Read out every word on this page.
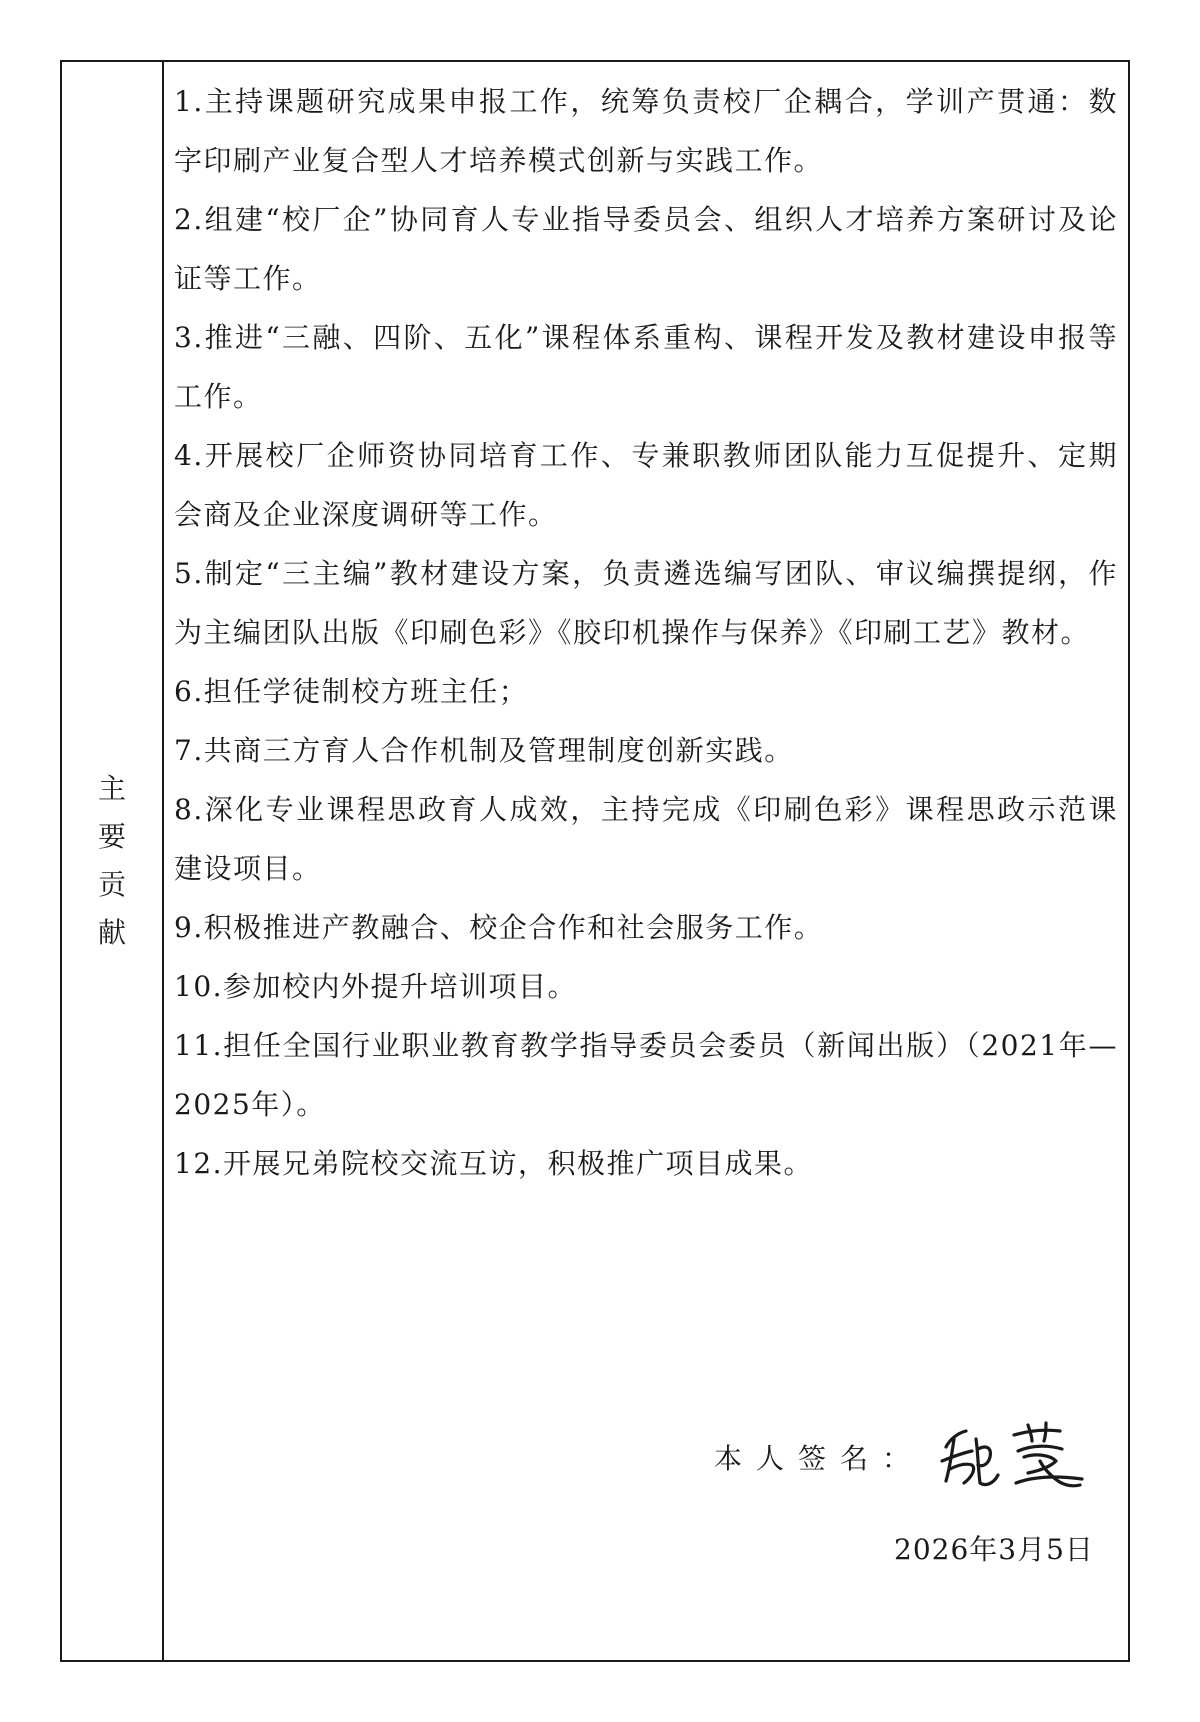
主要贡献
1.主持课题研究成果申报工作，统筹负责校厂企耦合，学训产贯通：数字印刷产业复合型人才培养模式创新与实践工作。
2.组建“校厂企”协同育人专业指导委员会、组织人才培养方案研讨及论证等工作。
3.推进“三融、四阶、五化”课程体系重构、课程开发及教材建设申报等工作。
4.开展校厂企师资协同培育工作、专兼职教师团队能力互促提升、定期会商及企业深度调研等工作。
5.制定“三主编”教材建设方案，负责遴选编写团队、审议编撰提纲，作为主编团队出版《印刷色彩》《胶印机操作与保养》《印刷工艺》教材。
6.担任学徒制校方班主任；
7.共商三方育人合作机制及管理制度创新实践。
8.深化专业课程思政育人成效，主持完成《印刷色彩》课程思政示范课建设项目。
9.积极推进产教融合、校企合作和社会服务工作。
10.参加校内外提升培训项目。
11.担任全国行业职业教育教学指导委员会委员（新闻出版）（2021年—2025年）。
12.开展兄弟院校交流互访，积极推广项目成果。
本人签名：
2026年3月5日
